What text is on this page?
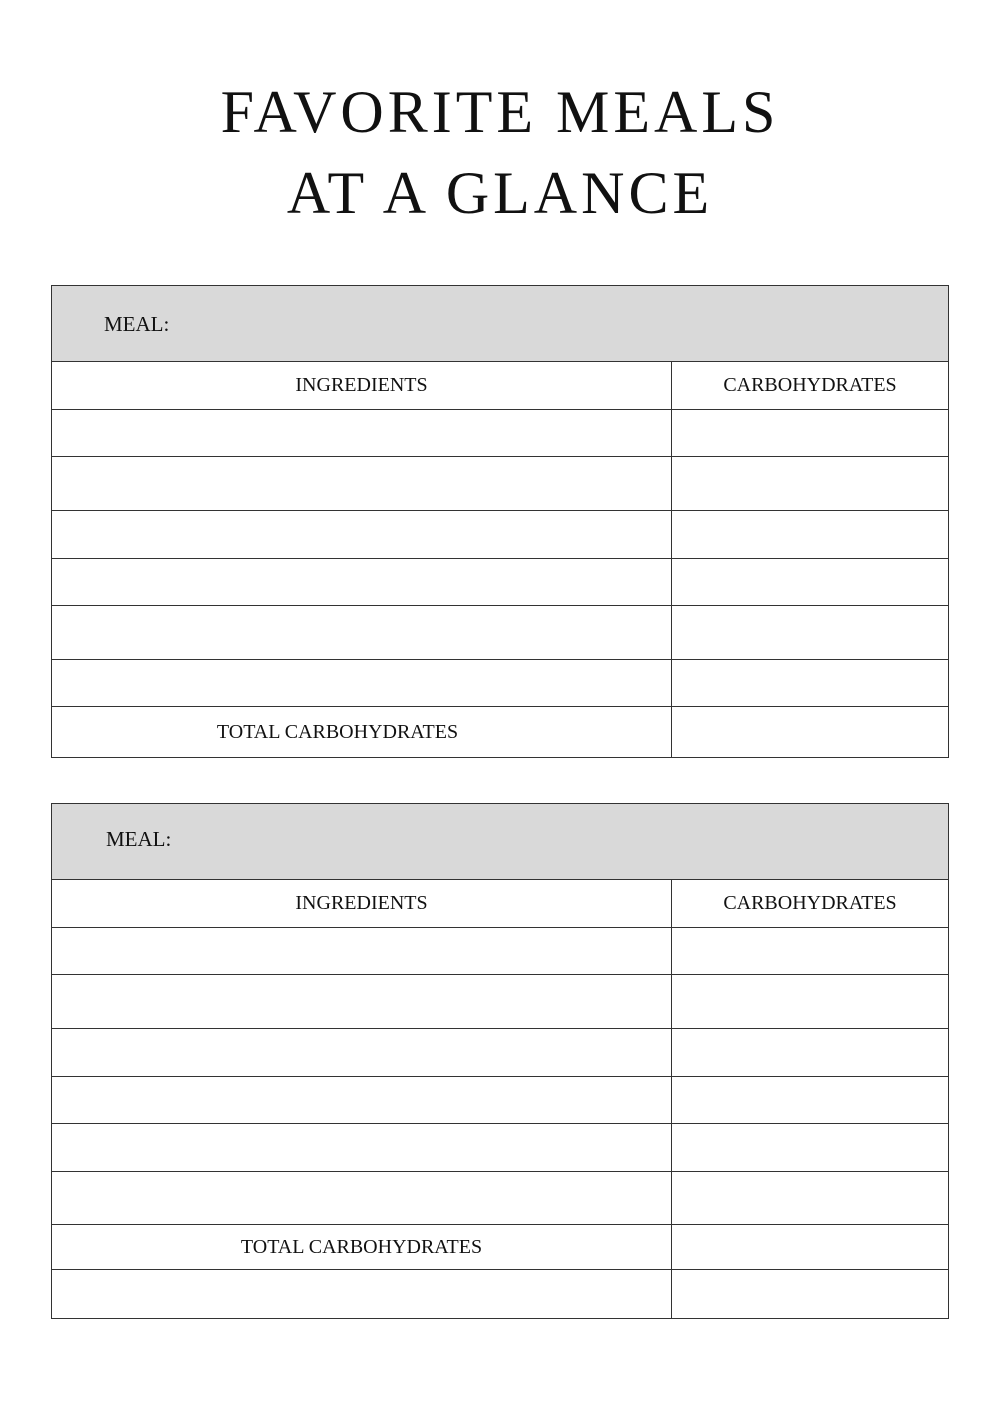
FAVORITE MEALS
AT A GLANCE
MEAL:
INGREDIENTS	CARBOHYDRATES
TOTAL CARBOHYDRATES
MEAL:
INGREDIENTS	CARBOHYDRATES
TOTAL CARBOHYDRATES
